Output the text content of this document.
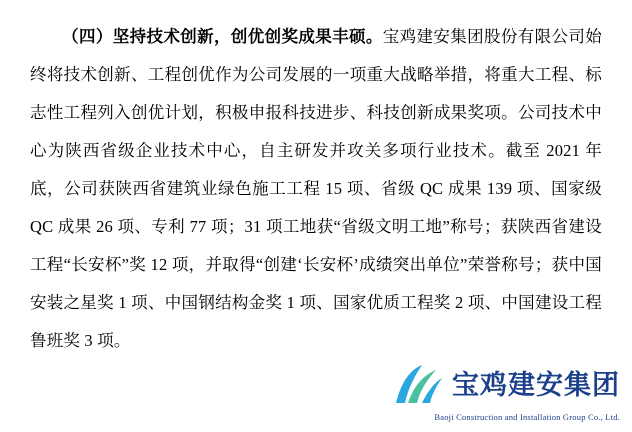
（四）坚持技术创新，创优创奖成果丰硕。宝鸡建安集团股份有限公司始终将技术创新、工程创优作为公司发展的一项重大战略举措，将重大工程、标志性工程列入创优计划，积极申报科技进步、科技创新成果奖项。公司技术中心为陕西省级企业技术中心，自主研发并攻关多项行业技术。截至 2021 年底，公司获陕西省建筑业绿色施工工程 15 项、省级 QC 成果 139 项、国家级 QC 成果 26 项、专利 77 项；31 项工地获“省级文明工地”称号；获陕西省建设工程“长安杯”奖 12 项，并取得“创建‘长安杯’成绩突出单位”荣誉称号；获中国安装之星奖 1 项、中国钢结构金奖 1 项、国家优质工程奖 2 项、中国建设工程鲁班奖 3 项。

宝鸡建安集团
Baoji Construction and Installation Group Co., Ltd.
